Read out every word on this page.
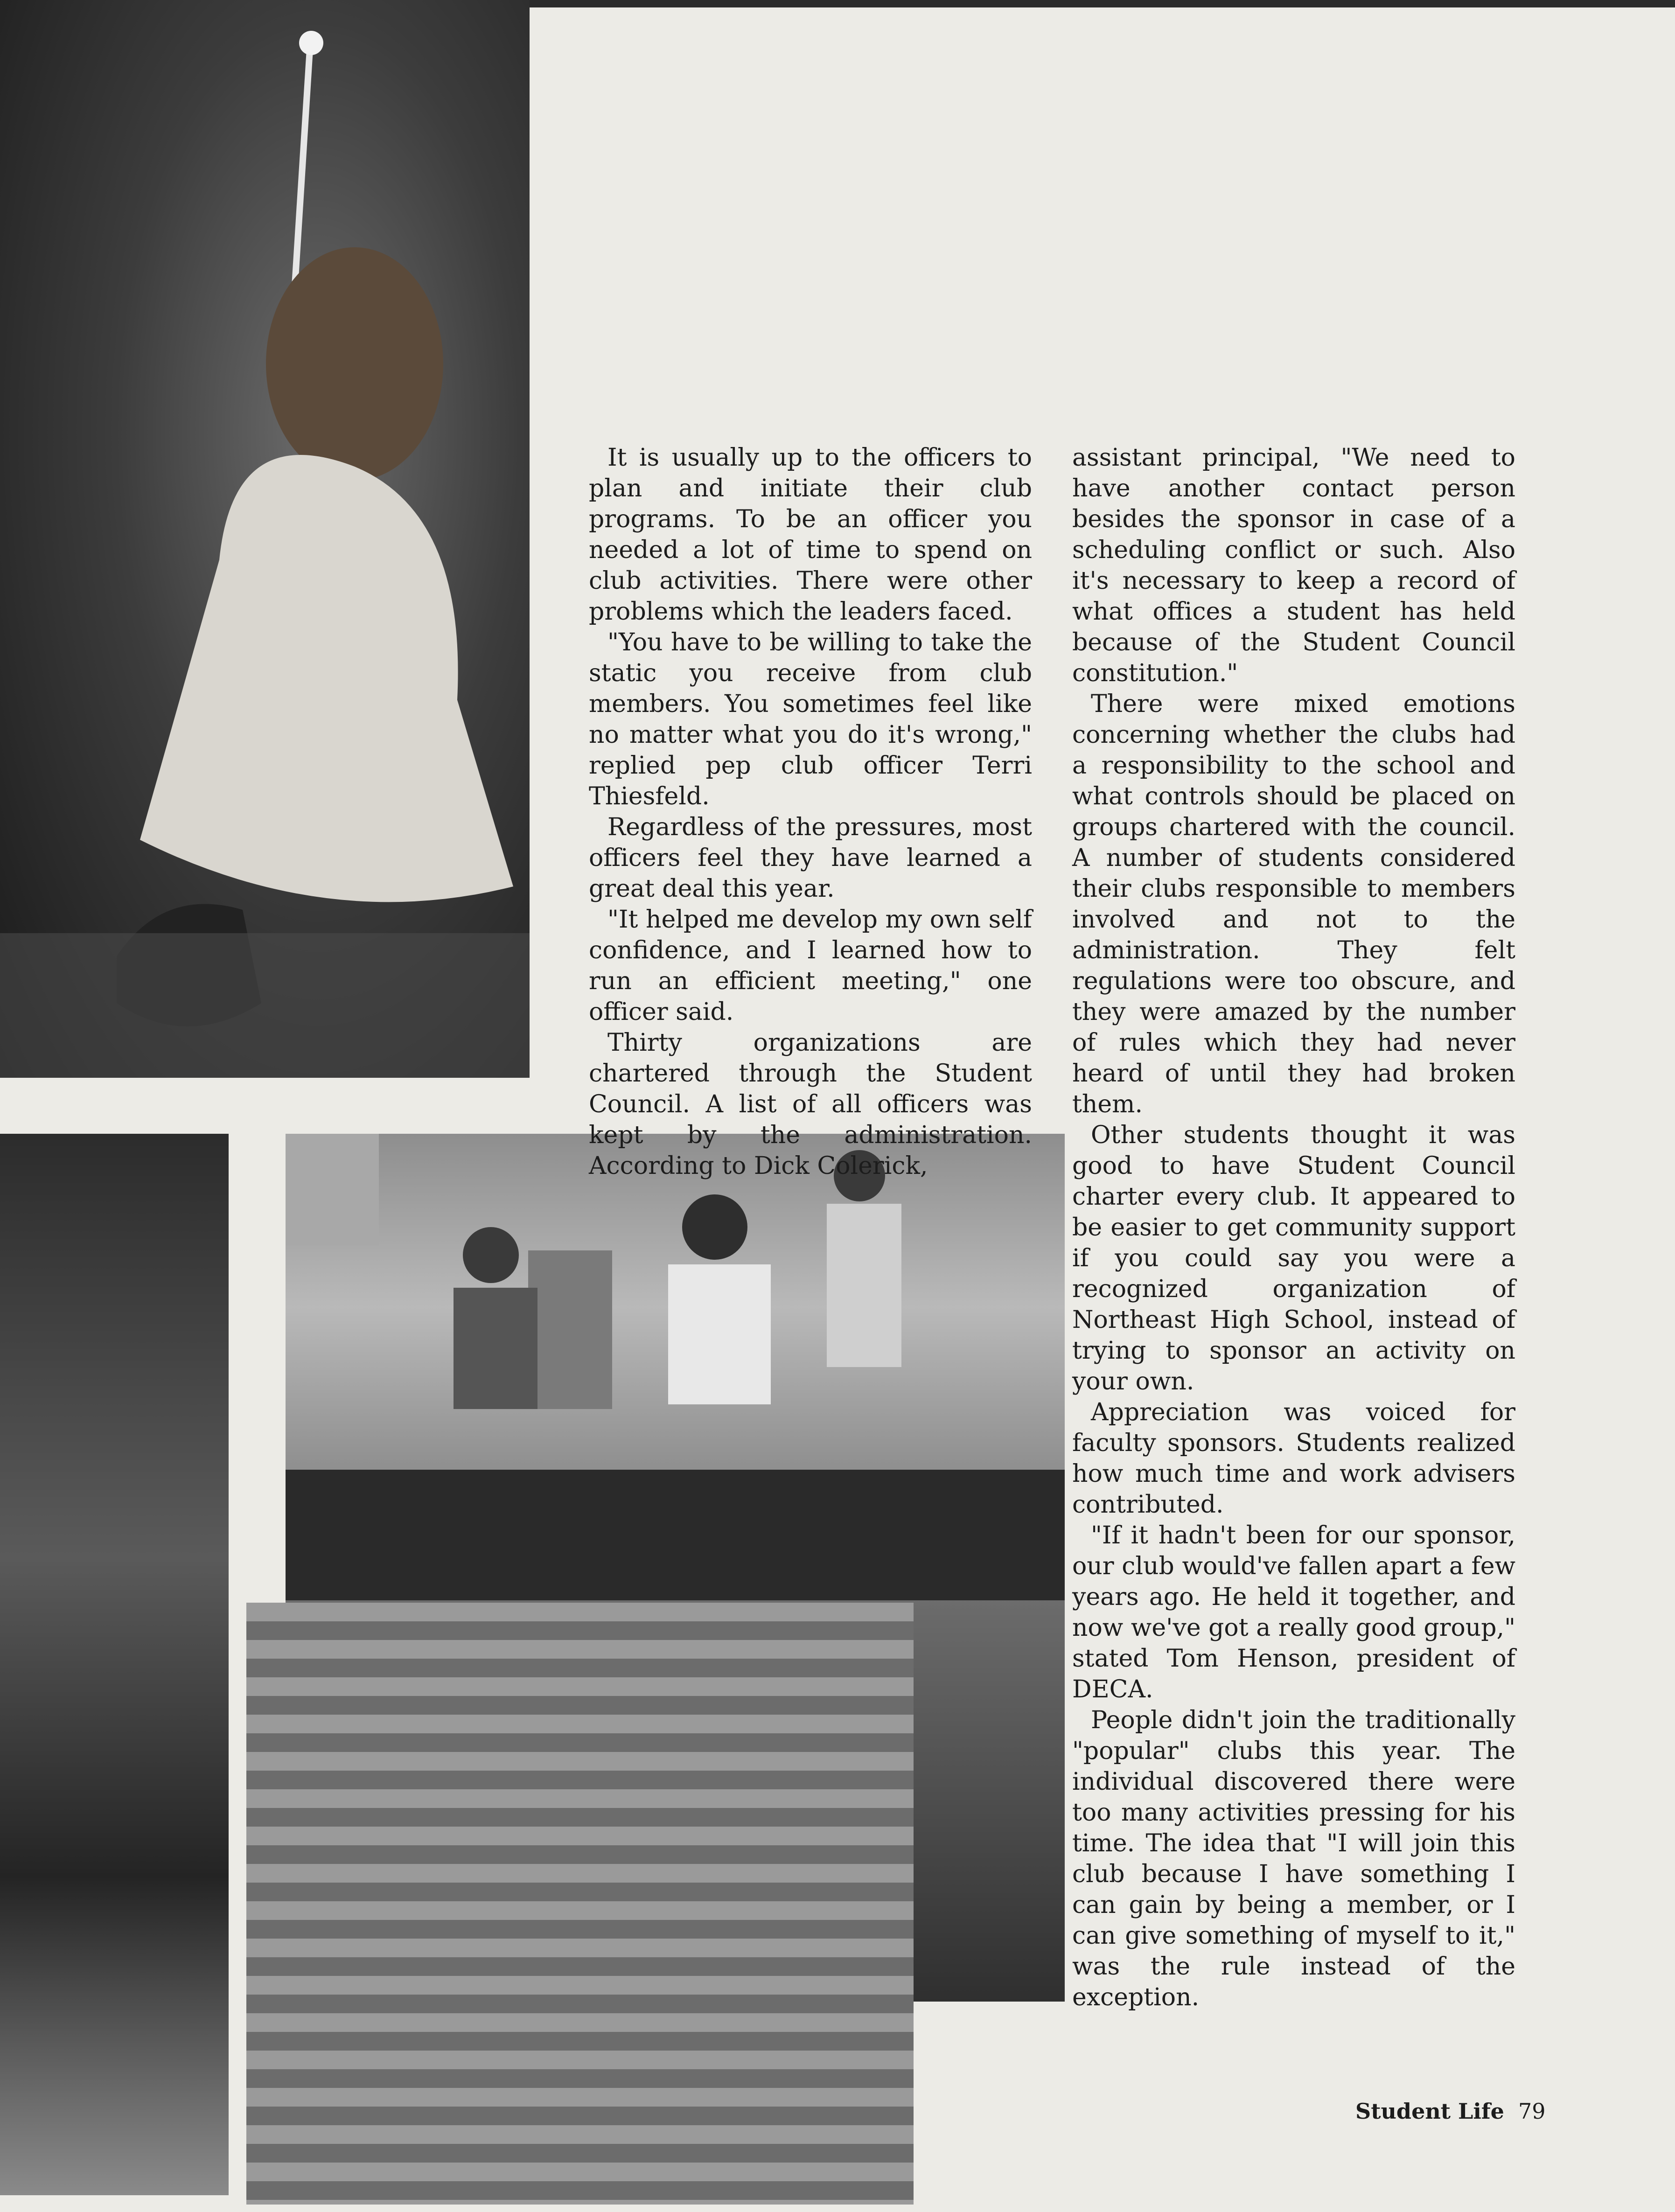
It is usually up to the officers to plan and initiate their club programs. To be an officer you needed a lot of time to spend on club activities. There were other problems which the leaders faced.

"You have to be willing to take the static you receive from club members. You sometimes feel like no matter what you do it's wrong," replied pep club officer Terri Thiesfeld.

Regardless of the pressures, most officers feel they have learned a great deal this year.

"It helped me develop my own self confidence, and I learned how to run an efficient meeting," one officer said.

Thirty organizations are chartered through the Student Council. A list of all officers was kept by the administration. According to Dick Colerick,

assistant principal, "We need to have another contact person besides the sponsor in case of a scheduling conflict or such. Also it's necessary to keep a record of what offices a student has held because of the Student Council constitution."

There were mixed emotions concerning whether the clubs had a responsibility to the school and what controls should be placed on groups chartered with the council. A number of students considered their clubs responsible to members involved and not to the administration. They felt regulations were too obscure, and they were amazed by the number of rules which they had never heard of until they had broken them.

Other students thought it was good to have Student Council charter every club. It appeared to be easier to get community support if you could say you were a recognized organization of Northeast High School, instead of trying to sponsor an activity on your own.

Appreciation was voiced for faculty sponsors. Students realized how much time and work advisers contributed.

"If it hadn't been for our sponsor, our club would've fallen apart a few years ago. He held it together, and now we've got a really good group," stated Tom Henson, president of DECA.

People didn't join the traditionally "popular" clubs this year. The individual discovered there were too many activities pressing for his time. The idea that "I will join this club because I have something I can gain by being a member, or I can give something of myself to it," was the rule instead of the exception.

Student Life 79
